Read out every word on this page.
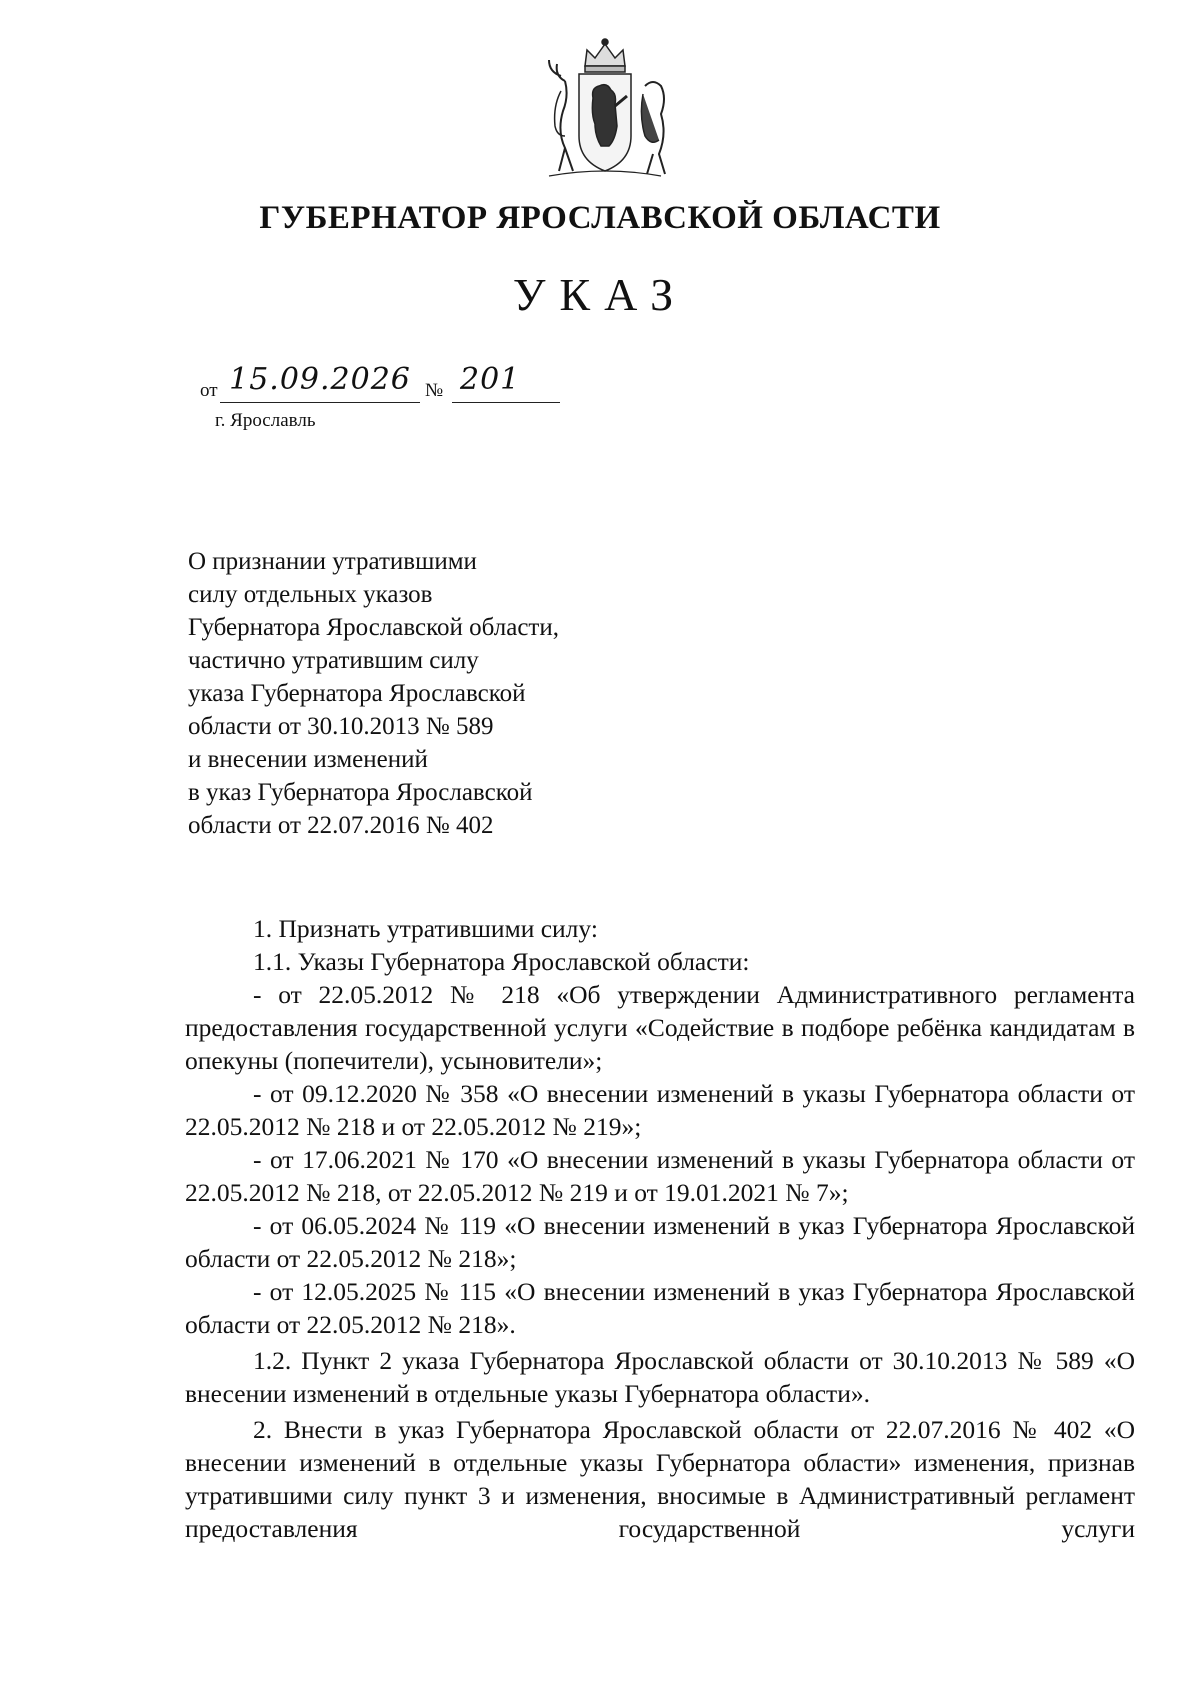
ГУБЕРНАТОР ЯРОСЛАВСКОЙ ОБЛАСТИ
УКАЗ
от 15.09.2026 № 201
г. Ярославль
О признании утратившими
силу отдельных указов
Губернатора Ярославской области,
частично утратившим силу
указа Губернатора Ярославской
области от 30.10.2013 № 589
и внесении изменений
в указ Губернатора Ярославской
области от 22.07.2016 № 402

1. Признать утратившими силу:

1.1. Указы Губернатора Ярославской области:

- от 22.05.2012 № 218 «Об утверждении Административного регламента предоставления государственной услуги «Содействие в подборе ребёнка кандидатам в опекуны (попечители), усыновители»;

- от 09.12.2020 № 358 «О внесении изменений в указы Губернатора области от 22.05.2012 № 218 и от 22.05.2012 № 219»;

- от 17.06.2021 № 170 «О внесении изменений в указы Губернатора области от 22.05.2012 № 218, от 22.05.2012 № 219 и от 19.01.2021 № 7»;

- от 06.05.2024 № 119 «О внесении изменений в указ Губернатора Ярославской области от 22.05.2012 № 218»;

- от 12.05.2025 № 115 «О внесении изменений в указ Губернатора Ярославской области от 22.05.2012 № 218».

1.2. Пункт 2 указа Губернатора Ярославской области от 30.10.2013 № 589 «О внесении изменений в отдельные указы Губернатора области».

2. Внести в указ Губернатора Ярославской области от 22.07.2016 № 402 «О внесении изменений в отдельные указы Губернатора области» изменения, признав утратившими силу пункт 3 и изменения, вносимые в Административный регламент предоставления государственной услуги
